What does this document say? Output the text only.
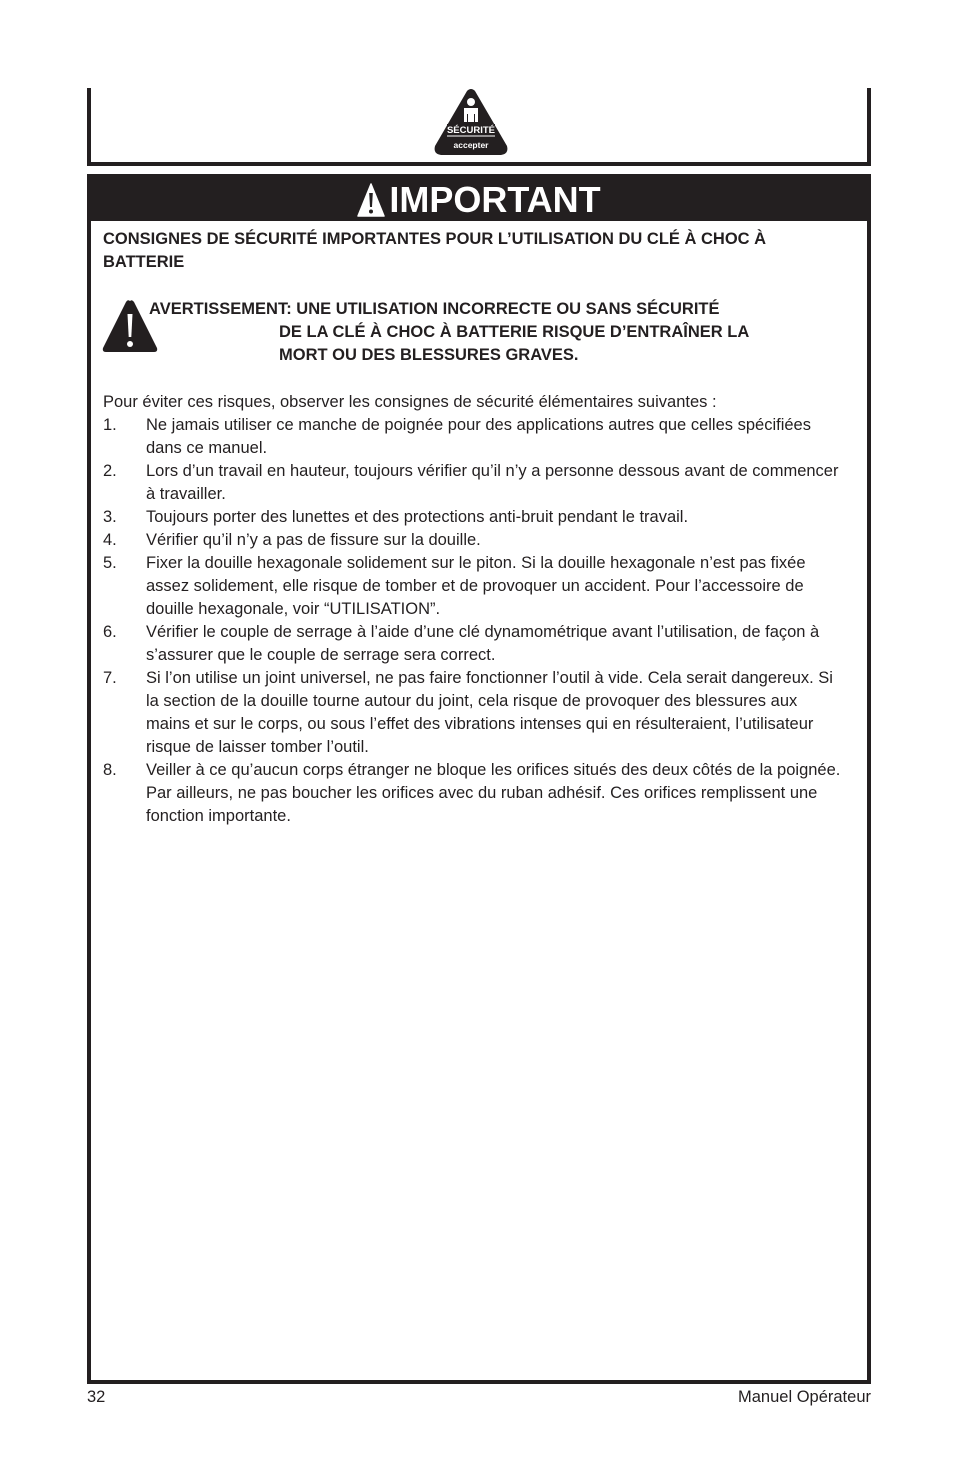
SÉCURITÉ
accepter
IMPORTANT
CONSIGNES DE SÉCURITÉ IMPORTANTES POUR L’UTILISATION DU CLÉ À CHOC À BATTERIE
AVERTISSEMENT: UNE UTILISATION INCORRECTE OU SANS SÉCURITÉ
DE LA CLÉ À CHOC À BATTERIE RISQUE D’ENTRAÎNER LA
MORT OU DES BLESSURES GRAVES.
Pour éviter ces risques, observer les consignes de sécurité élémentaires suivantes :
1.	Ne jamais utiliser ce manche de poignée pour des applications autres que celles spécifiées dans ce manuel.
2.	Lors d’un travail en hauteur, toujours vérifier qu’il n’y a personne dessous avant de commencer à travailler.
3.	Toujours porter des lunettes et des protections anti-bruit pendant le travail.
4.	Vérifier qu’il n’y a pas de fissure sur la douille.
5.	Fixer la douille hexagonale solidement sur le piton. Si la douille hexagonale n’est pas fixée assez solidement, elle risque de tomber et de provoquer un accident. Pour l’accessoire de douille hexagonale, voir “UTILISATION”.
6.	Vérifier le couple de serrage à l’aide d’une clé dynamométrique avant l’utilisation, de façon à s’assurer que le couple de serrage sera correct.
7.	Si l’on utilise un joint universel, ne pas faire fonctionner l’outil à vide. Cela serait dangereux. Si la section de la douille tourne autour du joint, cela risque de provoquer des blessures aux mains et sur le corps, ou sous l’effet des vibrations intenses qui en résulteraient, l’utilisateur risque de laisser tomber l’outil.
8.	Veiller à ce qu’aucun corps étranger ne bloque les orifices situés des deux côtés de la poignée. Par ailleurs, ne pas boucher les orifices avec du ruban adhésif. Ces orifices remplissent une fonction importante.
32	Manuel Opérateur
